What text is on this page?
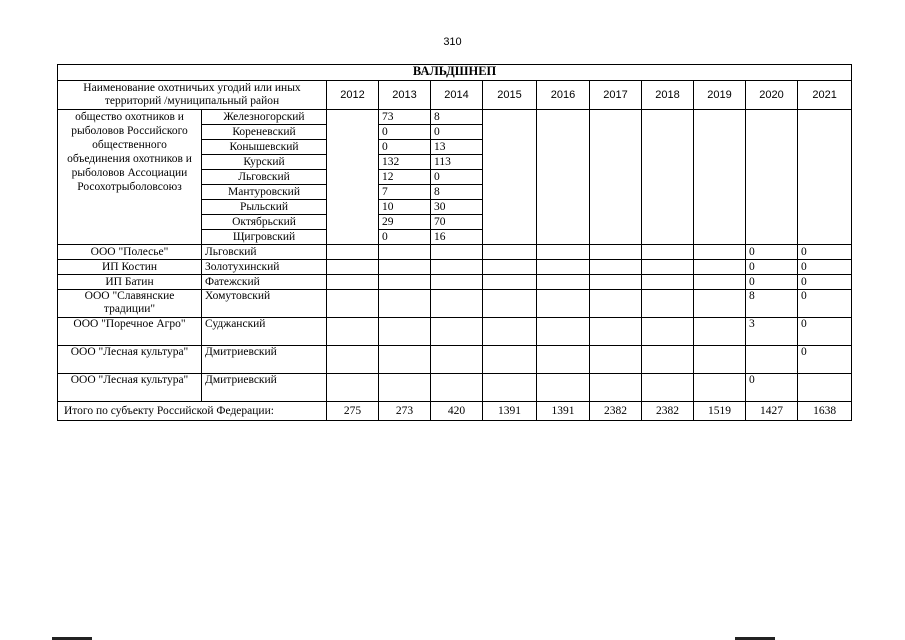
310
ВАЛЬДШНЕП											
Наименование охотничьих угодий или иных территорий /муниципальный район		2012	2013	2014	2015	2016	2017	2018	2019	2020	2021
общество охотников и рыболовов Российского общественного объединения охотников и рыболовов Ассоциации Росохотрыболовсоюз	Железногорский		73	8							
	Кореневский		0	0							
	Конышевский		0	13							
	Курский		132	113							
	Льговский		12	0							
	Мантуровский		7	8							
	Рыльский		10	30							
	Октябрьский		29	70							
	Щигровский		0	16							
ООО "Полесье"	Льговский									0	0
ИП Костин	Золотухинский									0	0
ИП Батин	Фатежский									0	0
ООО "Славянские традиции"	Хомутовский									8	0
ООО "Поречное Агро"	Суджанский									3	0
ООО "Лесная культура"	Дмитриевский										0
ООО "Лесная культура"	Дмитриевский									0	
Итого по субъекту Российской Федерации:		275	273	420	1391	1391	2382	2382	1519	1427	1638
